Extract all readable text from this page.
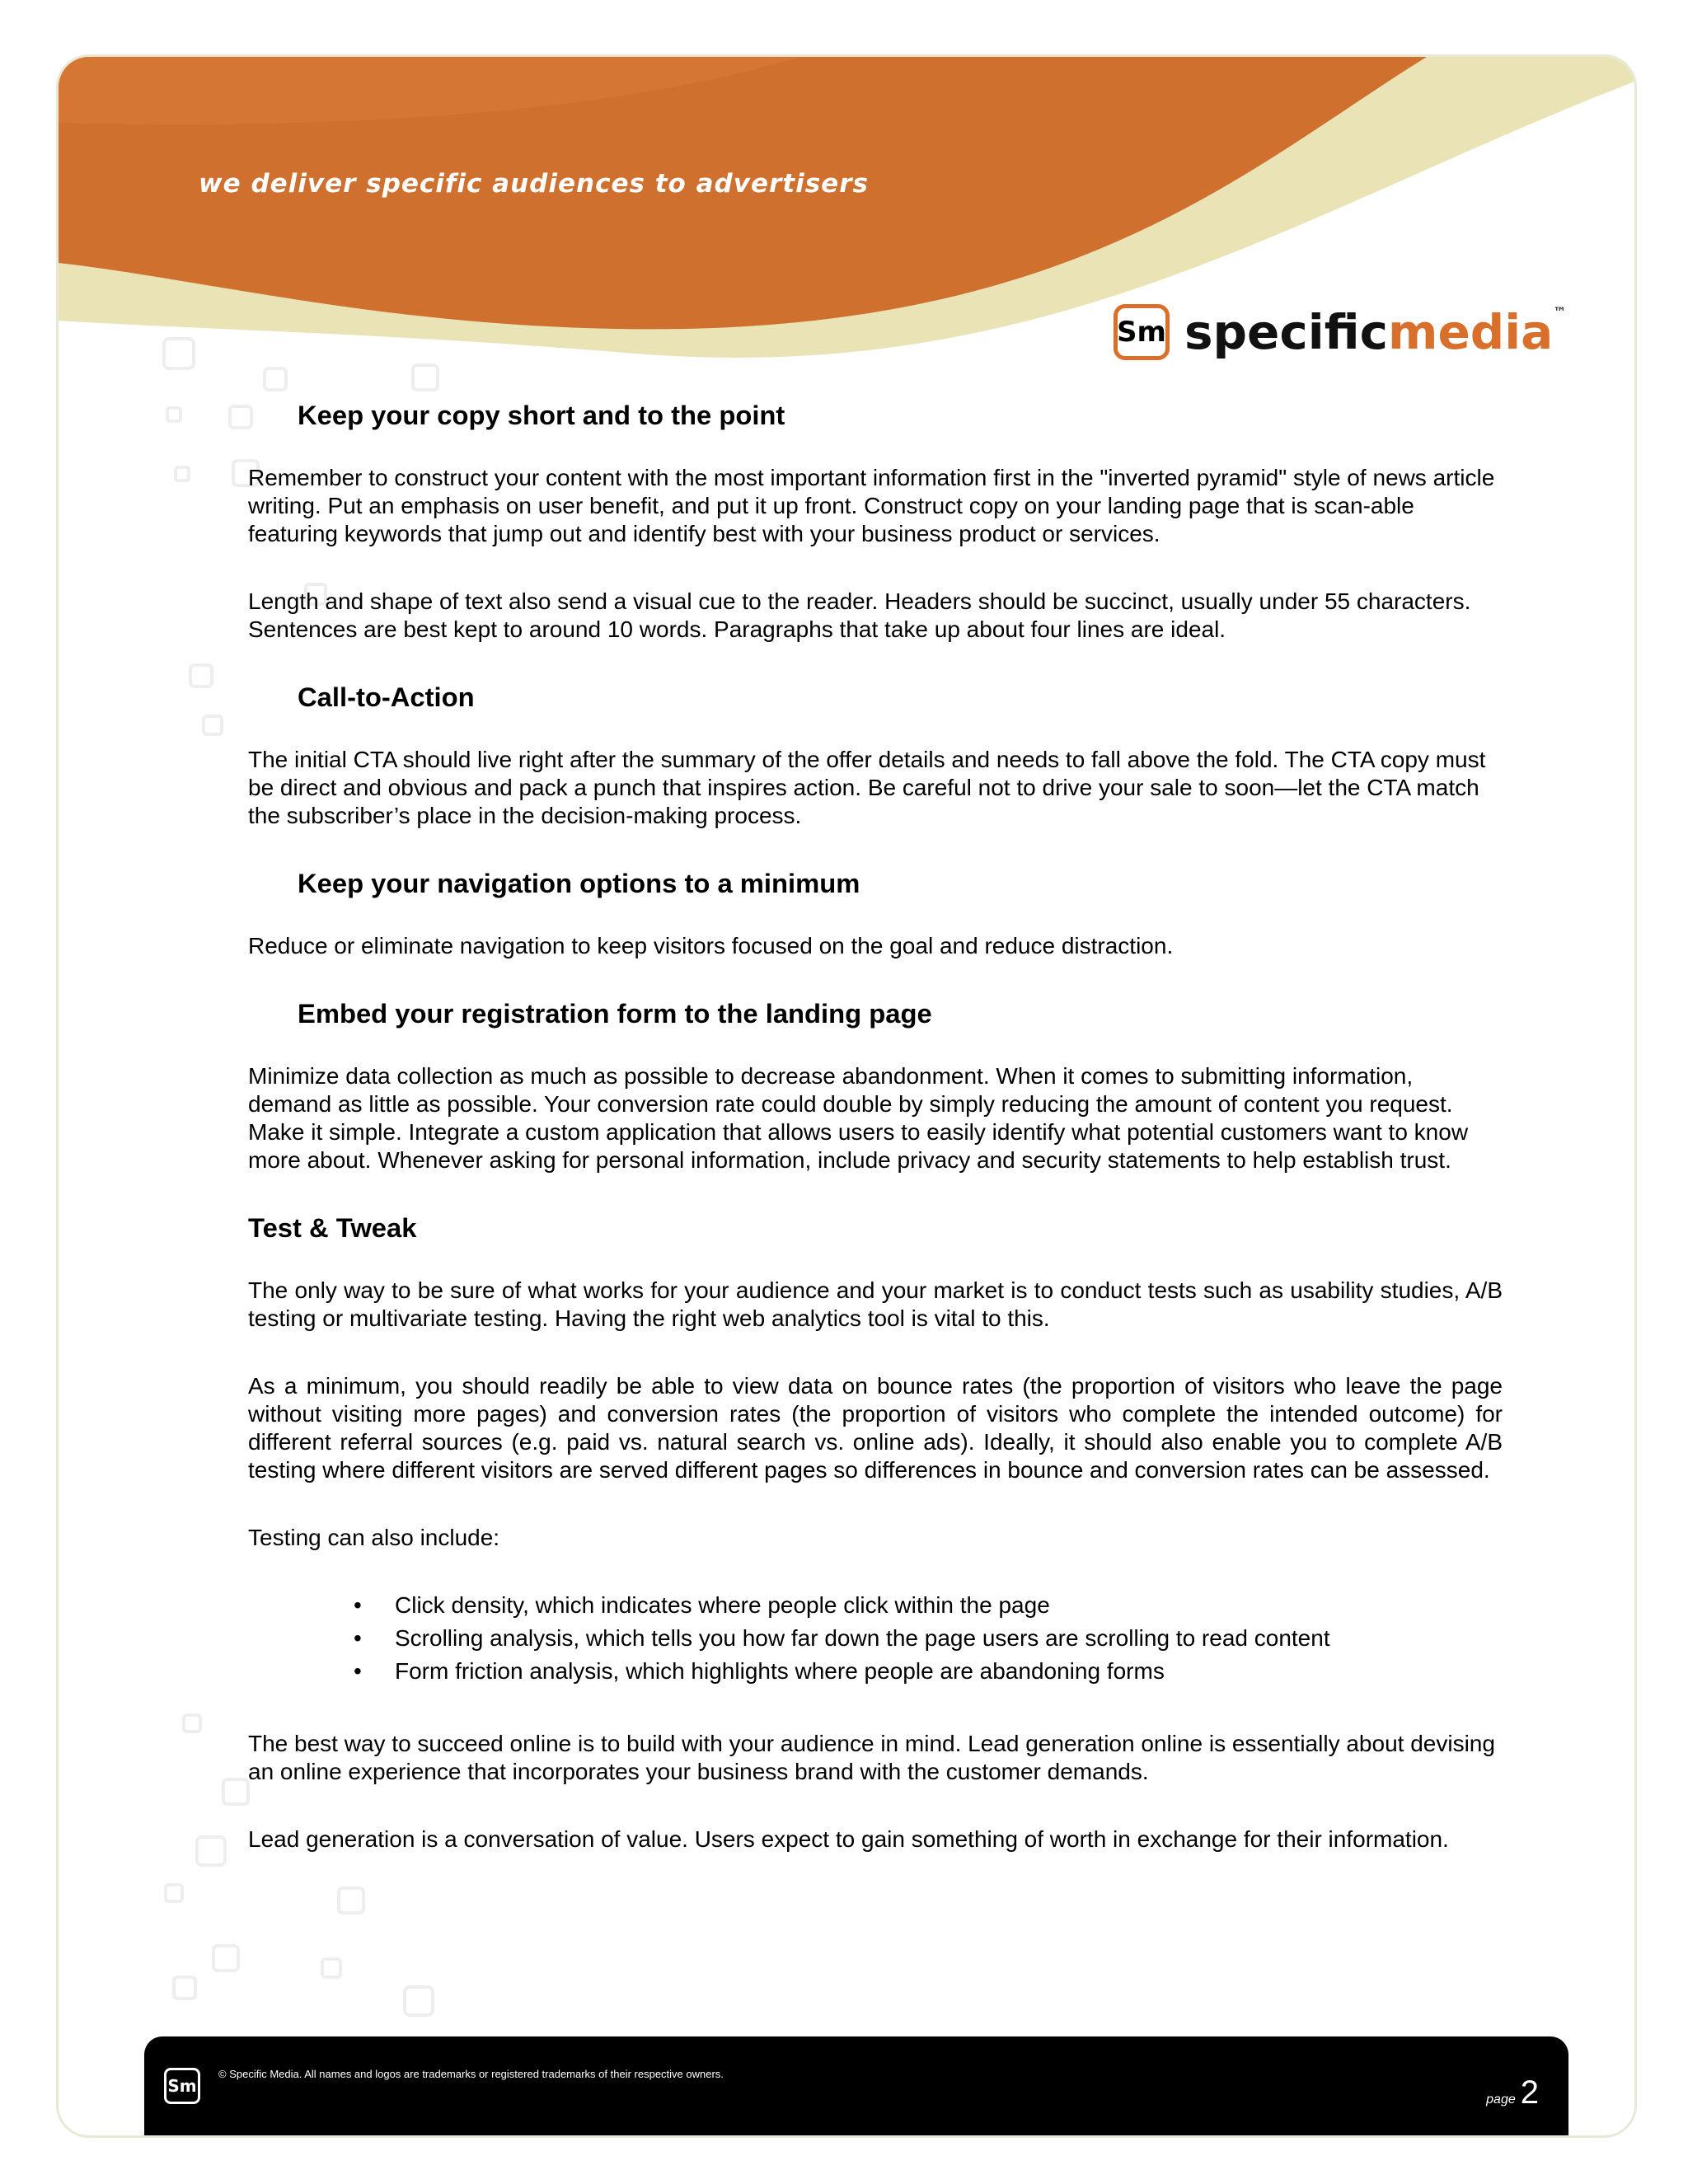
we deliver specific audiences to advertisers
Sm specificmedia™
Keep your copy short and to the point

Remember to construct your content with the most important information first in the "inverted pyramid" style of news article writing. Put an emphasis on user benefit, and put it up front. Construct copy on your landing page that is scan-able featuring keywords that jump out and identify best with your business product or services.

Length and shape of text also send a visual cue to the reader. Headers should be succinct, usually under 55 characters. Sentences are best kept to around 10 words. Paragraphs that take up about four lines are ideal.

Call-to-Action

The initial CTA should live right after the summary of the offer details and needs to fall above the fold. The CTA copy must be direct and obvious and pack a punch that inspires action. Be careful not to drive your sale to soon—let the CTA match the subscriber’s place in the decision-making process.

Keep your navigation options to a minimum

Reduce or eliminate navigation to keep visitors focused on the goal and reduce distraction.

Embed your registration form to the landing page

Minimize data collection as much as possible to decrease abandonment. When it comes to submitting information, demand as little as possible. Your conversion rate could double by simply reducing the amount of content you request. Make it simple. Integrate a custom application that allows users to easily identify what potential customers want to know more about. Whenever asking for personal information, include privacy and security statements to help establish trust.

Test & Tweak

The only way to be sure of what works for your audience and your market is to conduct tests such as usability studies, A/B testing or multivariate testing. Having the right web analytics tool is vital to this.

As a minimum, you should readily be able to view data on bounce rates (the proportion of visitors who leave the page without visiting more pages) and conversion rates (the proportion of visitors who complete the intended outcome) for different referral sources (e.g. paid vs. natural search vs. online ads). Ideally, it should also enable you to complete A/B testing where different visitors are served different pages so differences in bounce and conversion rates can be assessed.

Testing can also include:

• Click density, which indicates where people click within the page
• Scrolling analysis, which tells you how far down the page users are scrolling to read content
• Form friction analysis, which highlights where people are abandoning forms

The best way to succeed online is to build with your audience in mind. Lead generation online is essentially about devising an online experience that incorporates your business brand with the customer demands.

Lead generation is a conversation of value. Users expect to gain something of worth in exchange for their information.

Sm
© Specific Media. All names and logos are trademarks or registered trademarks of their respective owners.
page 2
